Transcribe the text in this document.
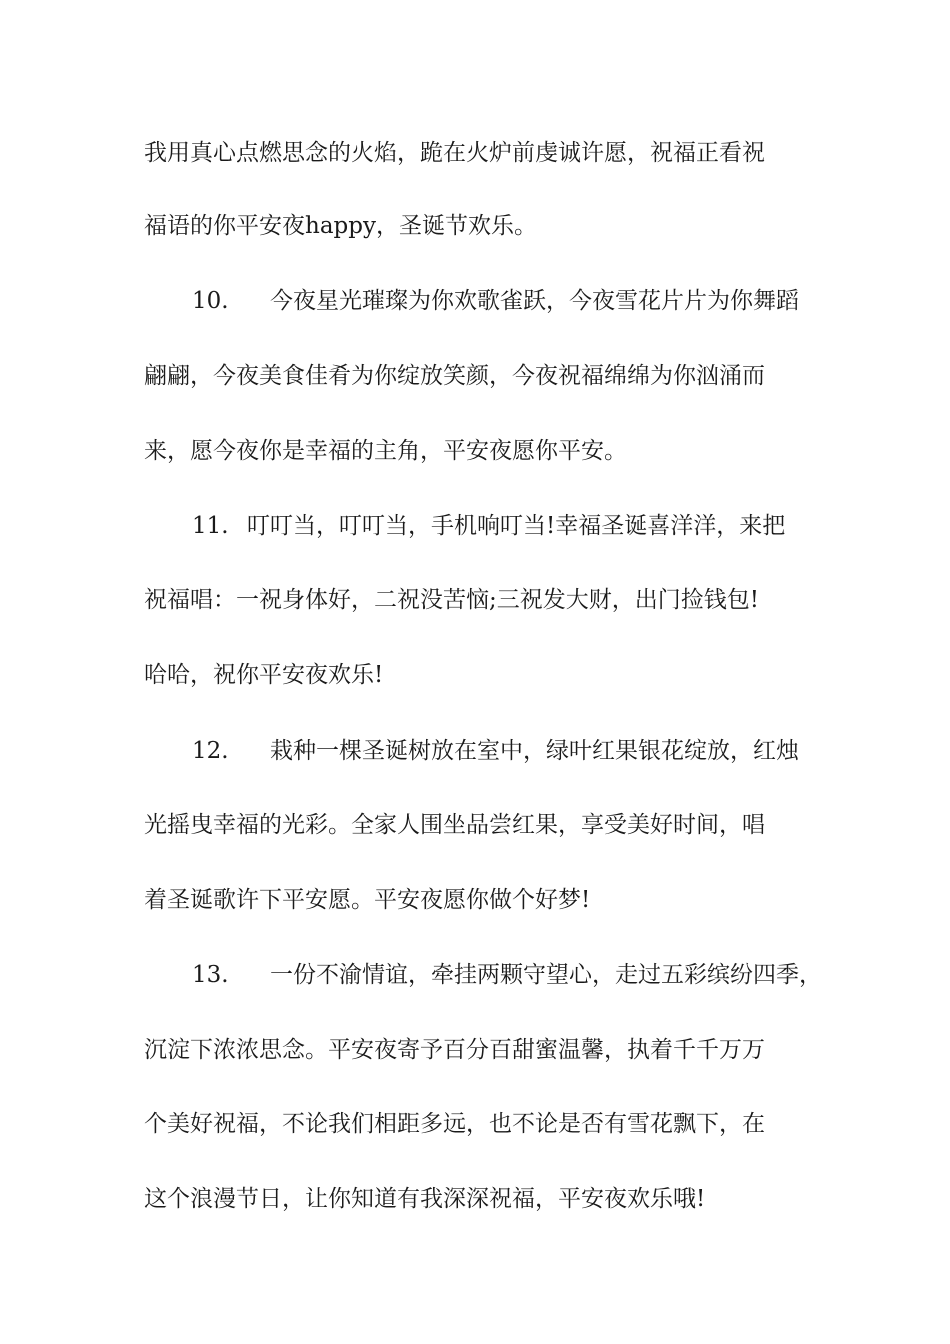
我用真心点燃思念的火焰，跪在火炉前虔诚许愿，祝福正看祝
福语的你平安夜happy，圣诞节欢乐。
10. 今夜星光璀璨为你欢歌雀跃，今夜雪花片片为你舞蹈
翩翩，今夜美食佳肴为你绽放笑颜，今夜祝福绵绵为你汹涌而
来，愿今夜你是幸福的主角，平安夜愿你平安。
11. 叮叮当，叮叮当，手机响叮当!幸福圣诞喜洋洋，来把
祝福唱：一祝身体好，二祝没苦恼;三祝发大财，出门捡钱包!
哈哈，祝你平安夜欢乐!
12. 栽种一棵圣诞树放在室中，绿叶红果银花绽放，红烛
光摇曳幸福的光彩。全家人围坐品尝红果，享受美好时间，唱
着圣诞歌许下平安愿。平安夜愿你做个好梦!
13. 一份不渝情谊，牵挂两颗守望心，走过五彩缤纷四季，
沉淀下浓浓思念。平安夜寄予百分百甜蜜温馨，执着千千万万
个美好祝福，不论我们相距多远，也不论是否有雪花飘下，在
这个浪漫节日，让你知道有我深深祝福，平安夜欢乐哦!
